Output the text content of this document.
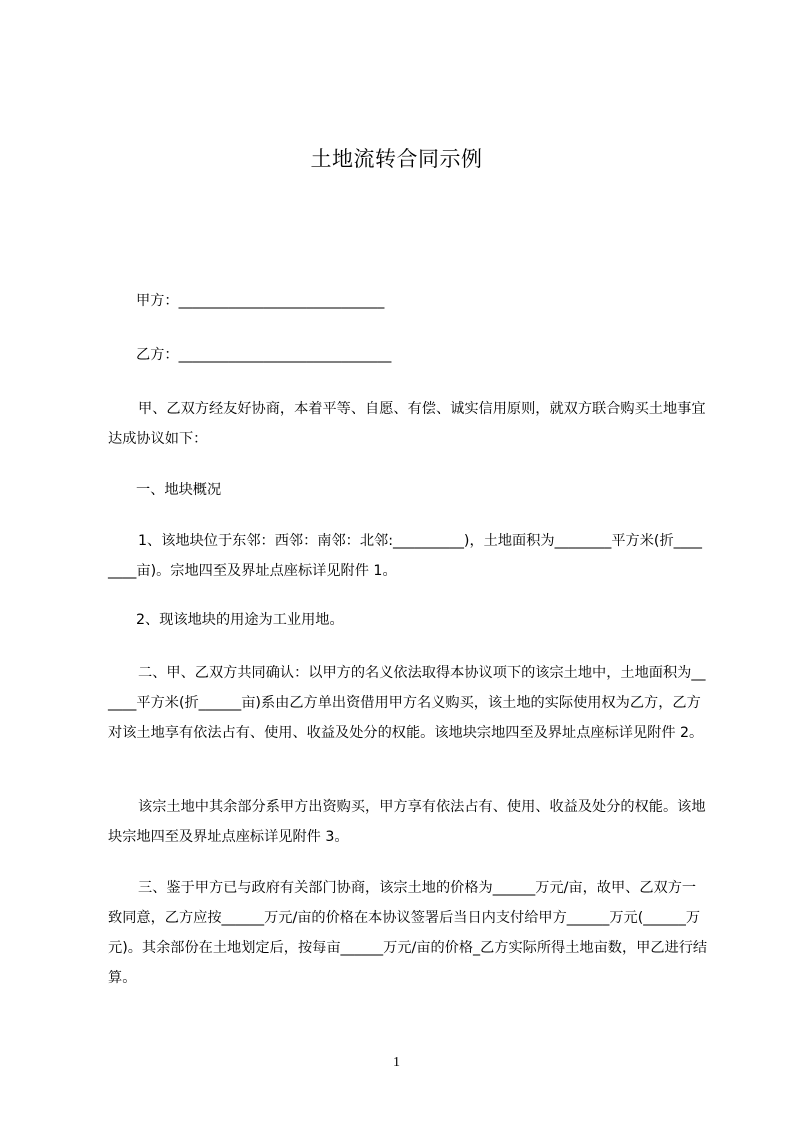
土地流转合同示例

甲方：_____________________________

乙方：______________________________

甲、乙双方经友好协商，本着平等、自愿、有偿、诚实信用原则，就双方联合购买土地事宜达成协议如下：

一、地块概况

1、该地块位于东邻：西邻：南邻：北邻:__________)，土地面积为________平方米(折________亩)。宗地四至及界址点座标详见附件 1。

2、现该地块的用途为工业用地。

二、甲、乙双方共同确认：以甲方的名义依法取得本协议项下的该宗土地中，土地面积为______平方米(折______亩)系由乙方单出资借用甲方名义购买，该土地的实际使用权为乙方，乙方对该土地享有依法占有、使用、收益及处分的权能。该地块宗地四至及界址点座标详见附件 2。

该宗土地中其余部分系甲方出资购买，甲方享有依法占有、使用、收益及处分的权能。该地块宗地四至及界址点座标详见附件 3。

三、鉴于甲方已与政府有关部门协商，该宗土地的价格为______万元/亩，故甲、乙双方一致同意，乙方应按______万元/亩的价格在本协议签署后当日内支付给甲方______万元(______万元)。其余部份在土地划定后，按每亩______万元/亩的价格_乙方实际所得土地亩数，甲乙进行结算。

1
